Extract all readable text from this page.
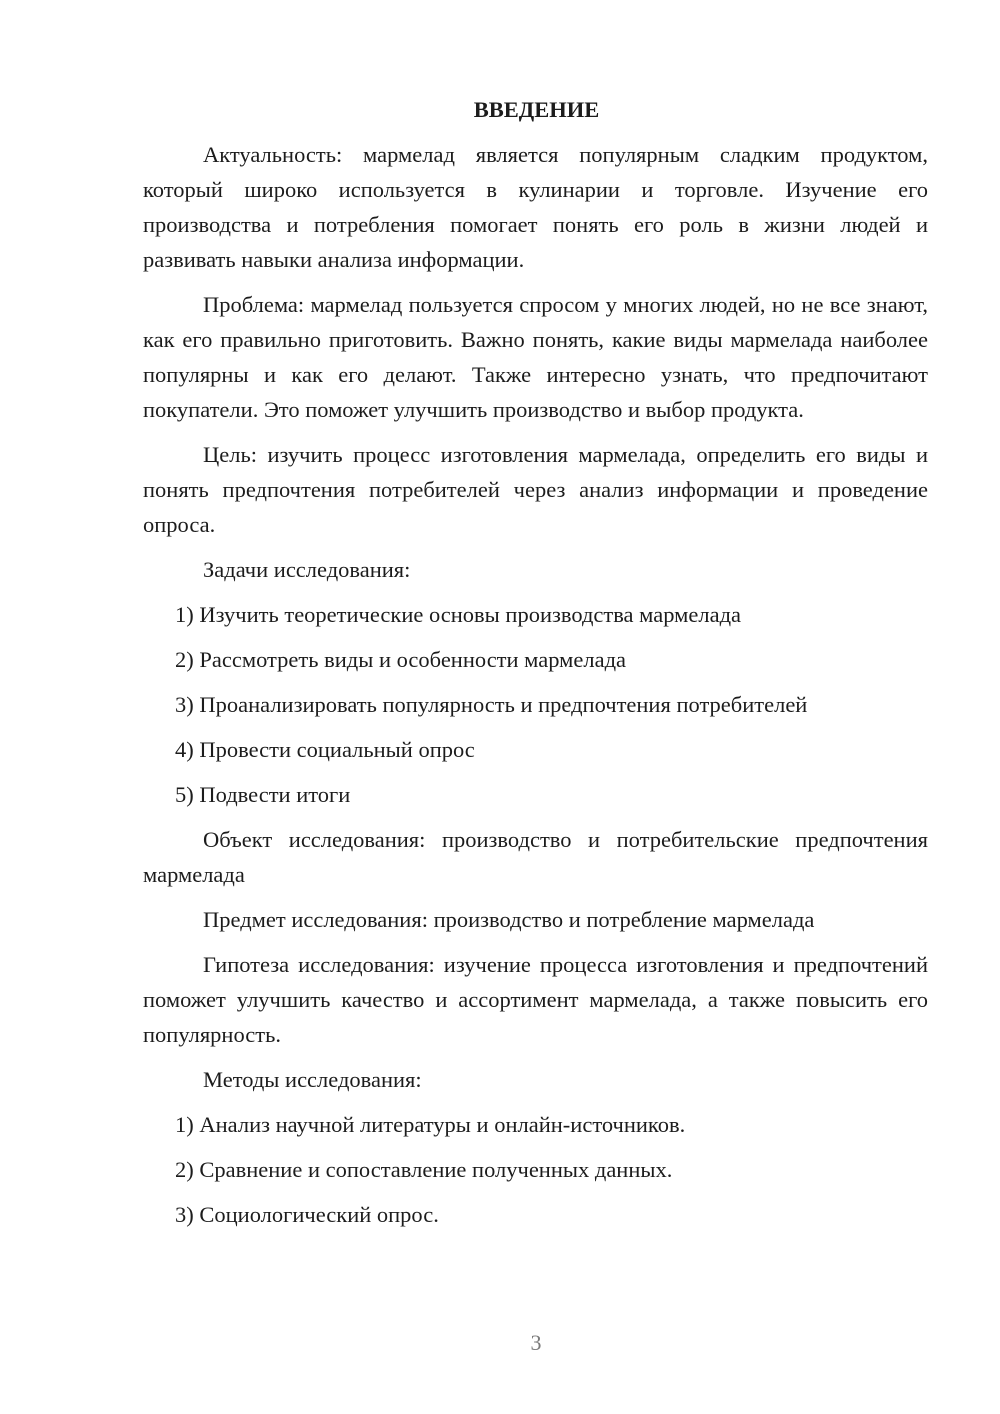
ВВЕДЕНИЕ

Актуальность: мармелад является популярным сладким продуктом, который широко используется в кулинарии и торговле. Изучение его производства и потребления помогает понять его роль в жизни людей и развивать навыки анализа информации.

Проблема: мармелад пользуется спросом у многих людей, но не все знают, как его правильно приготовить. Важно понять, какие виды мармелада наиболее популярны и как его делают. Также интересно узнать, что предпочитают покупатели. Это поможет улучшить производство и выбор продукта.

Цель: изучить процесс изготовления мармелада, определить его виды и понять предпочтения потребителей через анализ информации и проведение опроса.

Задачи исследования:

1) Изучить теоретические основы производства мармелада
2) Рассмотреть виды и особенности мармелада
3) Проанализировать популярность и предпочтения потребителей
4) Провести социальный опрос
5) Подвести итоги

Объект исследования: производство и потребительские предпочтения мармелада

Предмет исследования: производство и потребление мармелада

Гипотеза исследования: изучение процесса изготовления и предпочтений поможет улучшить качество и ассортимент мармелада, а также повысить его популярность.

Методы исследования:

1) Анализ научной литературы и онлайн-источников.
2) Сравнение и сопоставление полученных данных.
3) Социологический опрос.
3
